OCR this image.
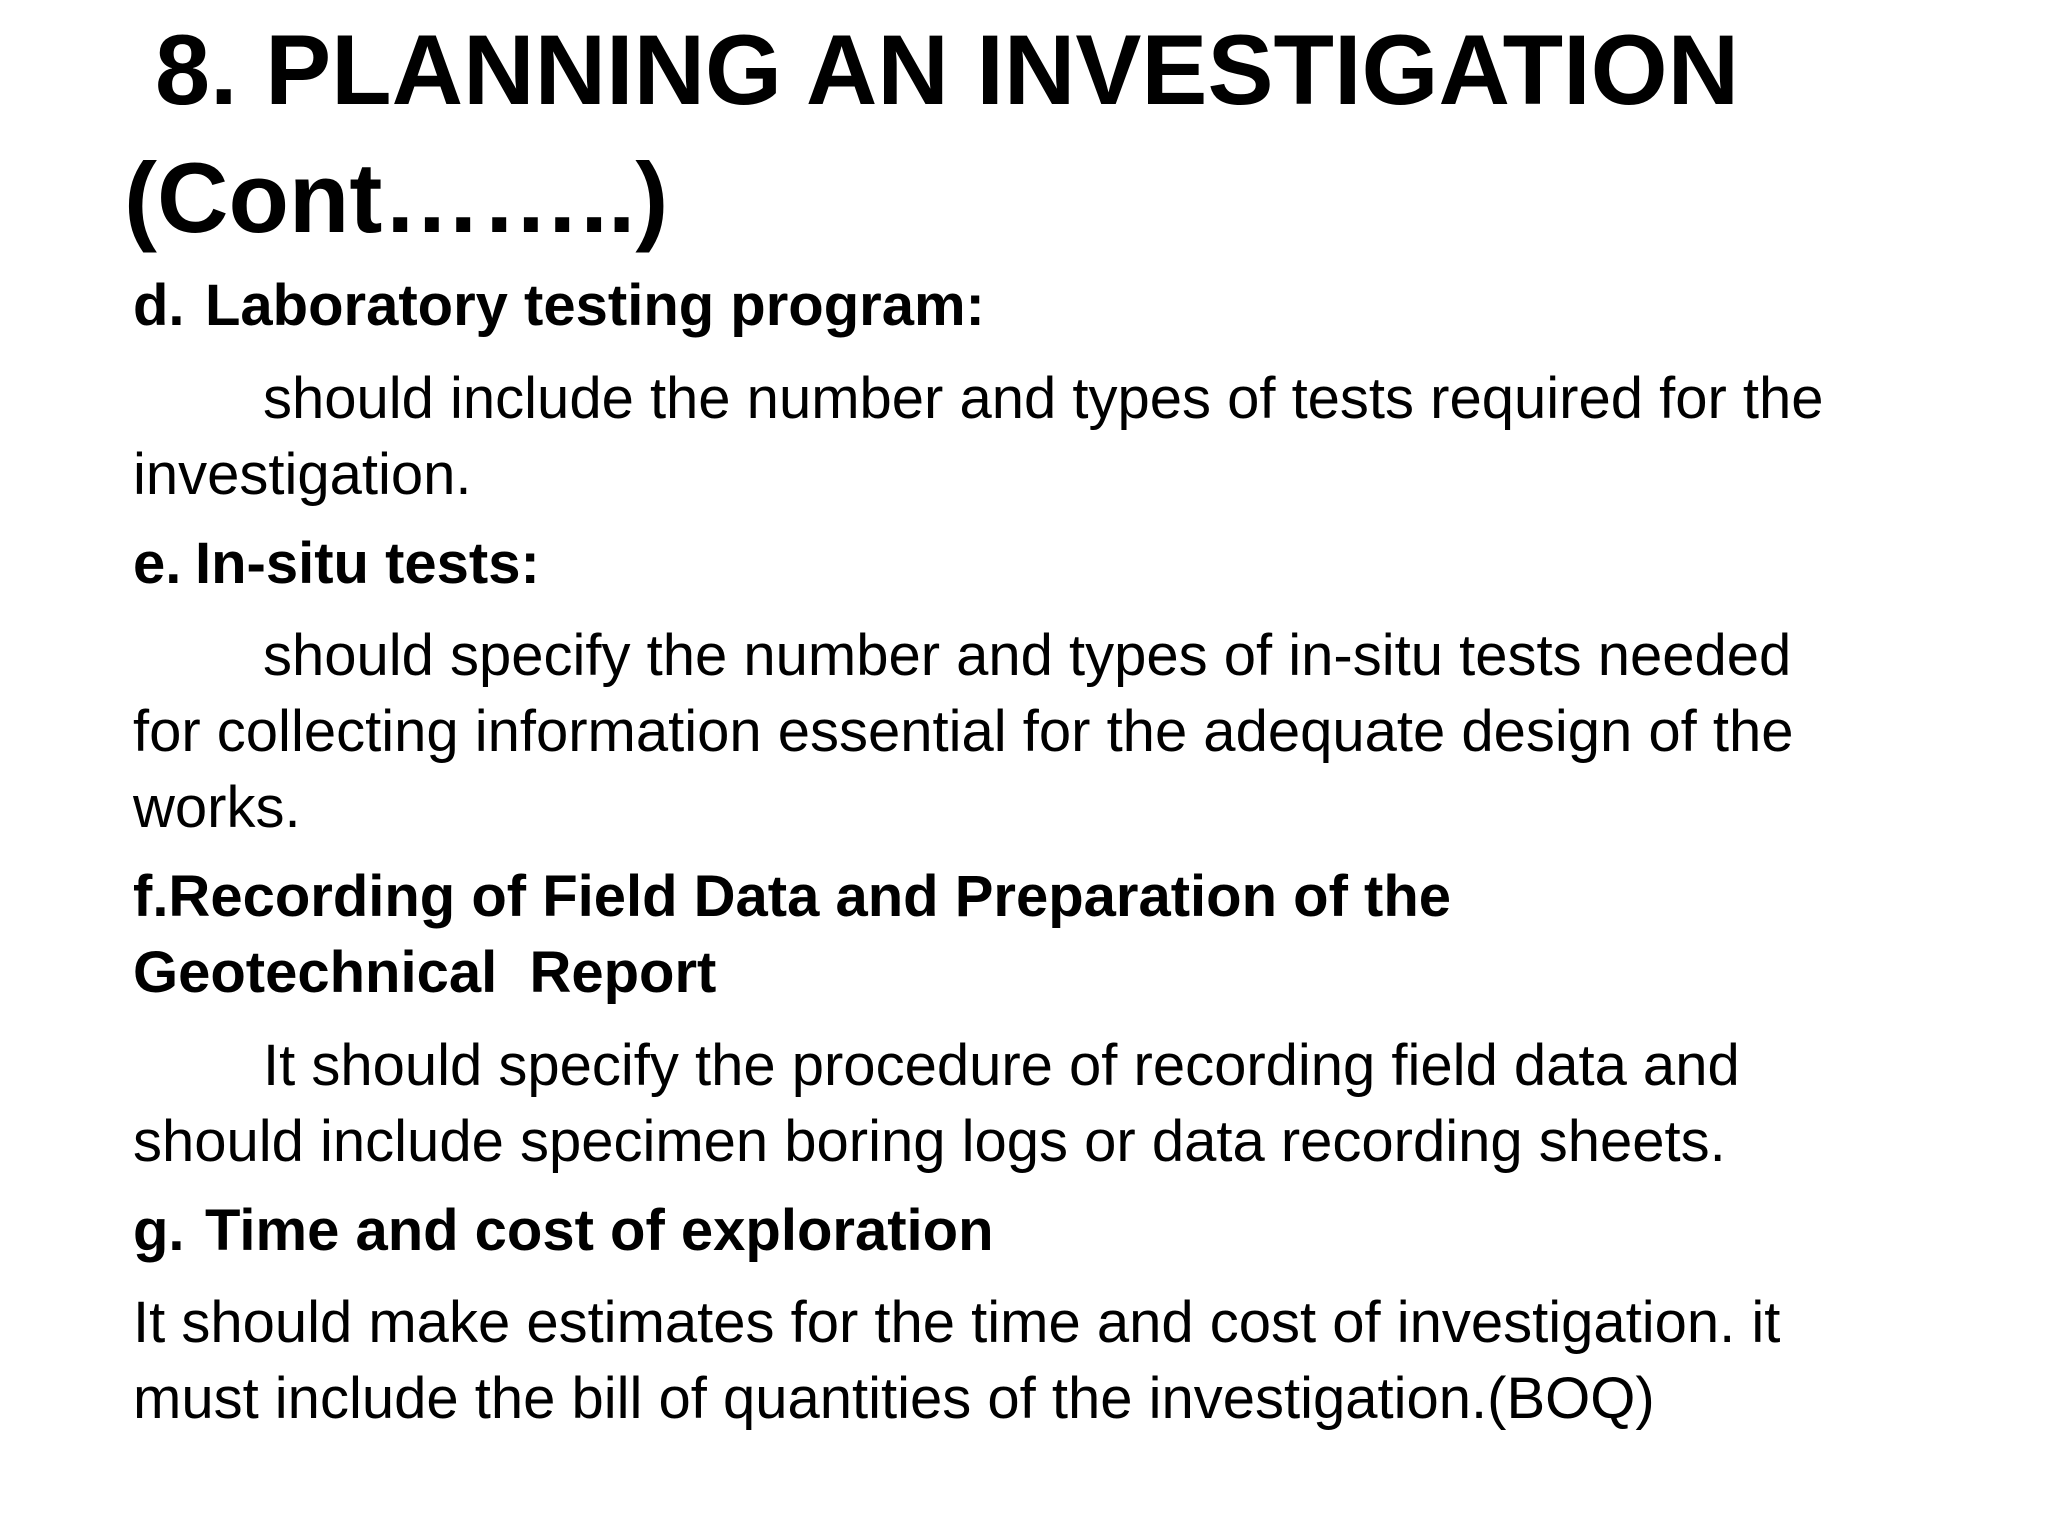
8. PLANNING AN INVESTIGATION
(Cont……..)

d. Laboratory testing program:

should include the number and types of tests required for the

investigation.

e. In-situ tests:

should specify the number and types of in-situ tests needed

for collecting information essential for the adequate design of the

works.

f.Recording of Field Data and Preparation of the

Geotechnical  Report

It should specify the procedure of recording field data and

should include specimen boring logs or data recording sheets.

g. Time and cost of exploration

It should make estimates for the time and cost of investigation. it

must include the bill of quantities of the investigation.(BOQ)
